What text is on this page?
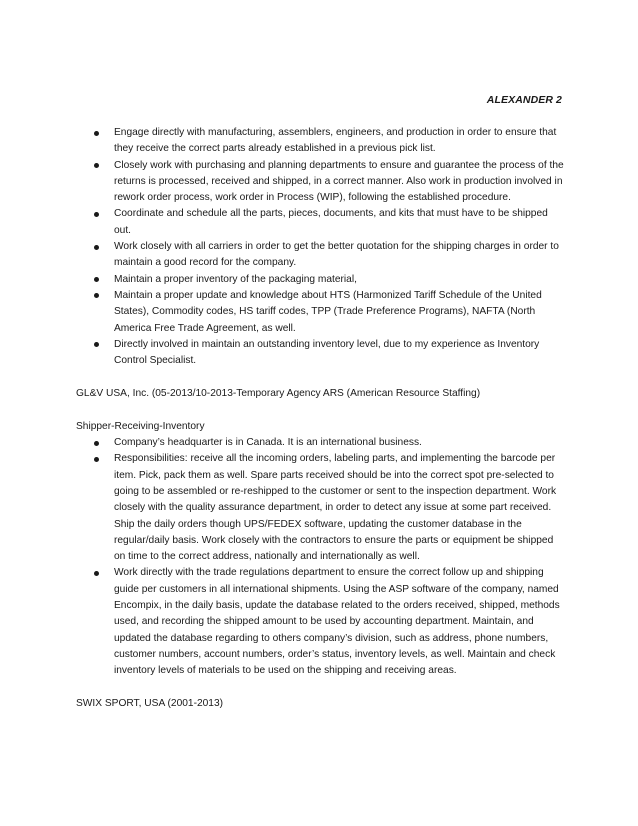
ALEXANDER 2
Engage directly with manufacturing, assemblers, engineers, and production in order to ensure that they receive the correct parts already established in a previous pick list.
Closely work with purchasing and planning departments to ensure and guarantee the process of the returns is processed, received and shipped, in a correct manner. Also work in production involved in rework order process, work order in Process (WIP), following the established procedure.
Coordinate and schedule all the parts, pieces, documents, and kits that must have to be shipped out.
Work closely with all carriers in order to get the better quotation for the shipping charges in order to maintain a good record for the company.
Maintain a proper inventory of the packaging material,
Maintain a proper update and knowledge about HTS (Harmonized Tariff Schedule of the United States), Commodity codes, HS tariff codes, TPP (Trade Preference Programs), NAFTA (North America Free Trade Agreement, as well.
Directly involved in maintain an outstanding inventory level, due to my experience as Inventory Control Specialist.

GL&V USA, Inc. (05-2013/10-2013-Temporary Agency ARS (American Resource Staffing)

Shipper-Receiving-Inventory

Company’s headquarter is in Canada. It is an international business.
Responsibilities: receive all the incoming orders, labeling parts, and implementing the barcode per item. Pick, pack them as well. Spare parts received should be into the correct spot pre-selected to going to be assembled or re-reshipped to the customer or sent to the inspection department. Work closely with the quality assurance department, in order to detect any issue at some part received. Ship the daily orders though UPS/FEDEX software, updating the customer database in the regular/daily basis. Work closely with the contractors to ensure the parts or equipment be shipped on time to the correct address, nationally and internationally as well.
Work directly with the trade regulations department to ensure the correct follow up and shipping guide per customers in all international shipments. Using the ASP software of the company, named Encompix, in the daily basis, update the database related to the orders received, shipped, methods used, and recording the shipped amount to be used by accounting department. Maintain, and updated the database regarding to others company’s division, such as address, phone numbers, customer numbers, account numbers, order’s status, inventory levels, as well. Maintain and check inventory levels of materials to be used on the shipping and receiving areas.

SWIX SPORT, USA (2001-2013)
